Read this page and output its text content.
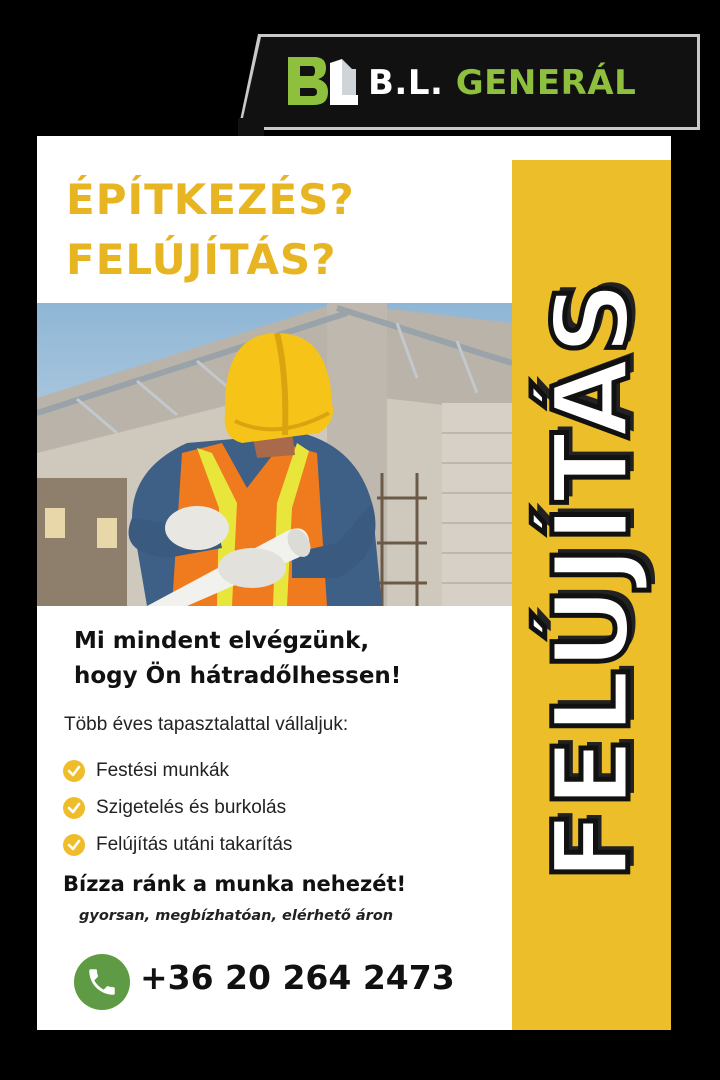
B.L. GENERÁL
FELÚJÍTÁS
ÉPÍTKEZÉS?
FELÚJÍTÁS?
Mi mindent elvégzünk,
hogy Ön hátradőlhessen!
Több éves tapasztalattal vállaljuk:
Festési munkák
Szigetelés és burkolás
Felújítás utáni takarítás
Bízza ránk a munka nehezét!
gyorsan, megbízhatóan, elérhető áron
+36 20 264 2473
